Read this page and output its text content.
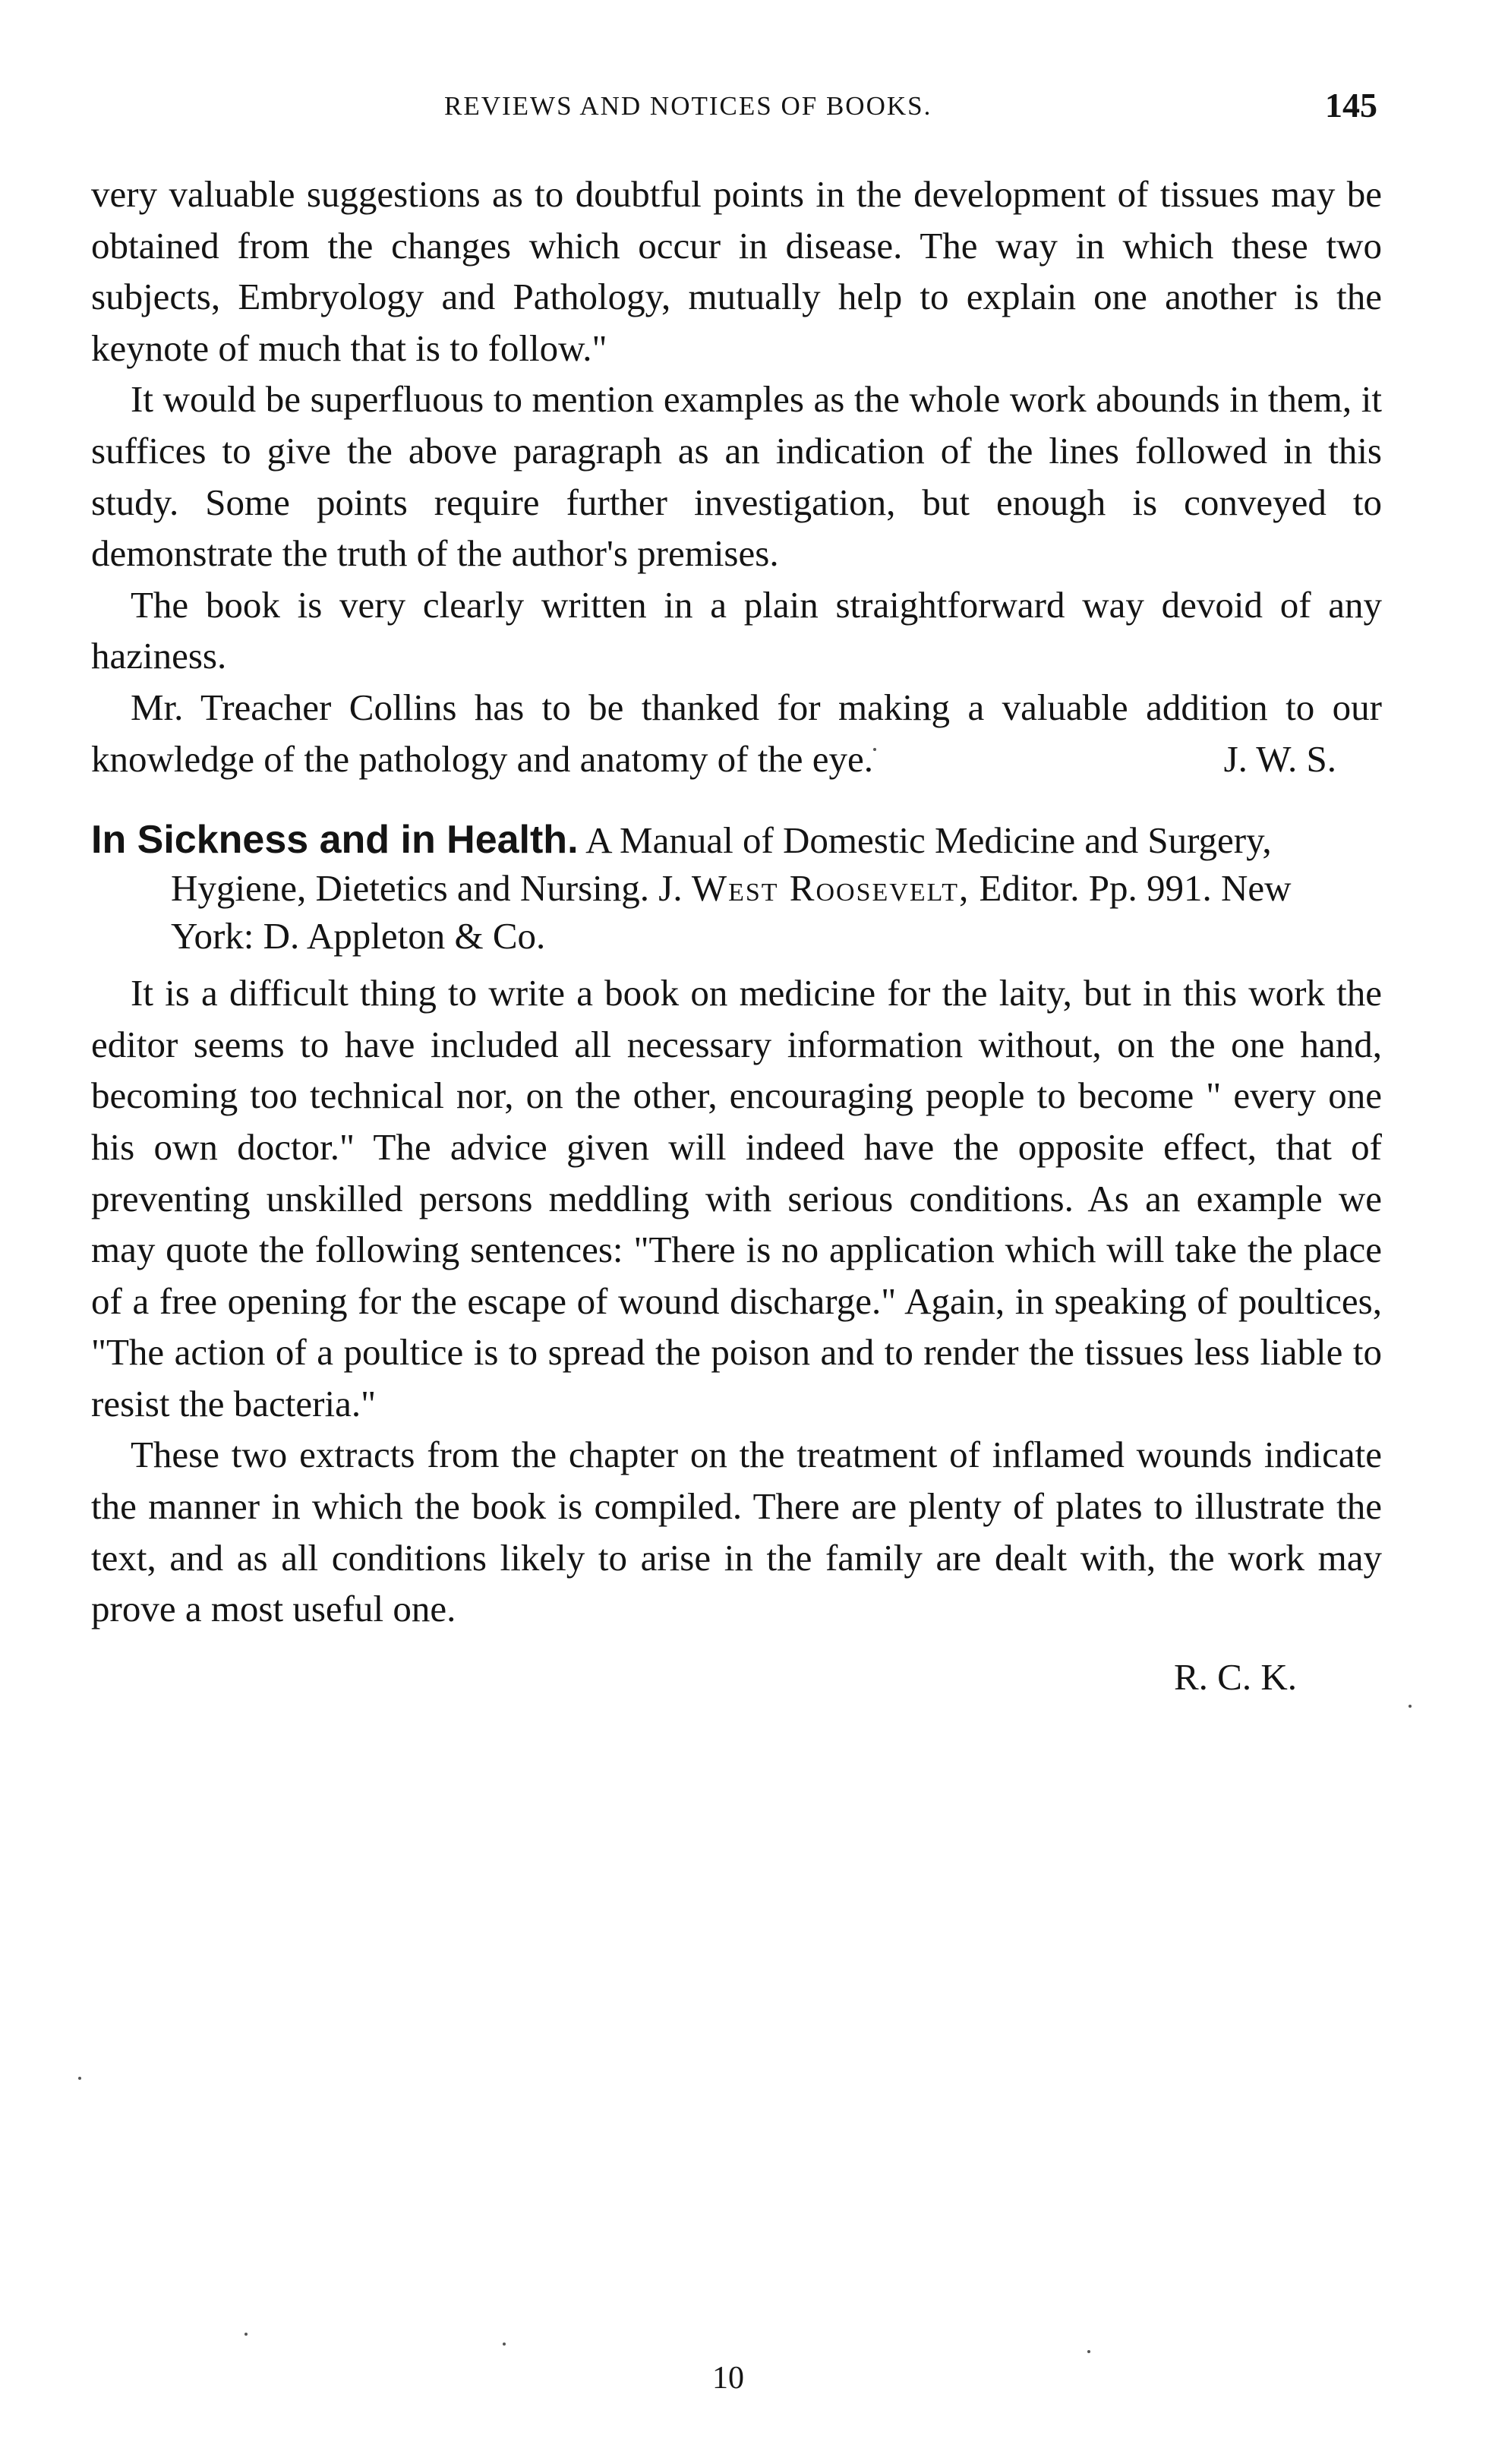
REVIEWS AND NOTICES OF BOOKS.	145

very valuable suggestions as to doubtful points in the development of tissues may be obtained from the changes which occur in disease. The way in which these two subjects, Embryology and Pathology, mutually help to explain one another is the keynote of much that is to follow."

It would be superfluous to mention examples as the whole work abounds in them, it suffices to give the above paragraph as an indication of the lines followed in this study. Some points require further investigation, but enough is conveyed to demonstrate the truth of the author's premises.

The book is very clearly written in a plain straightforward way devoid of any haziness.

Mr. Treacher Collins has to be thanked for making a valuable addition to our knowledge of the pathology and anatomy of the eye.	J. W. S.

In Sickness and in Health. A Manual of Domestic Medicine and Surgery, Hygiene, Dietetics and Nursing. J. West Roosevelt, Editor. Pp. 991. New York: D. Appleton & Co.

It is a difficult thing to write a book on medicine for the laity, but in this work the editor seems to have included all necessary information without, on the one hand, becoming too technical nor, on the other, encouraging people to become " every one his own doctor." The advice given will indeed have the opposite effect, that of preventing unskilled persons meddling with serious conditions. As an example we may quote the following sentences: "There is no application which will take the place of a free opening for the escape of wound discharge." Again, in speaking of poultices, "The action of a poultice is to spread the poison and to render the tissues less liable to resist the bacteria."

These two extracts from the chapter on the treatment of inflamed wounds indicate the manner in which the book is compiled. There are plenty of plates to illustrate the text, and as all conditions likely to arise in the family are dealt with, the work may prove a most useful one.

R. C. K.
10
